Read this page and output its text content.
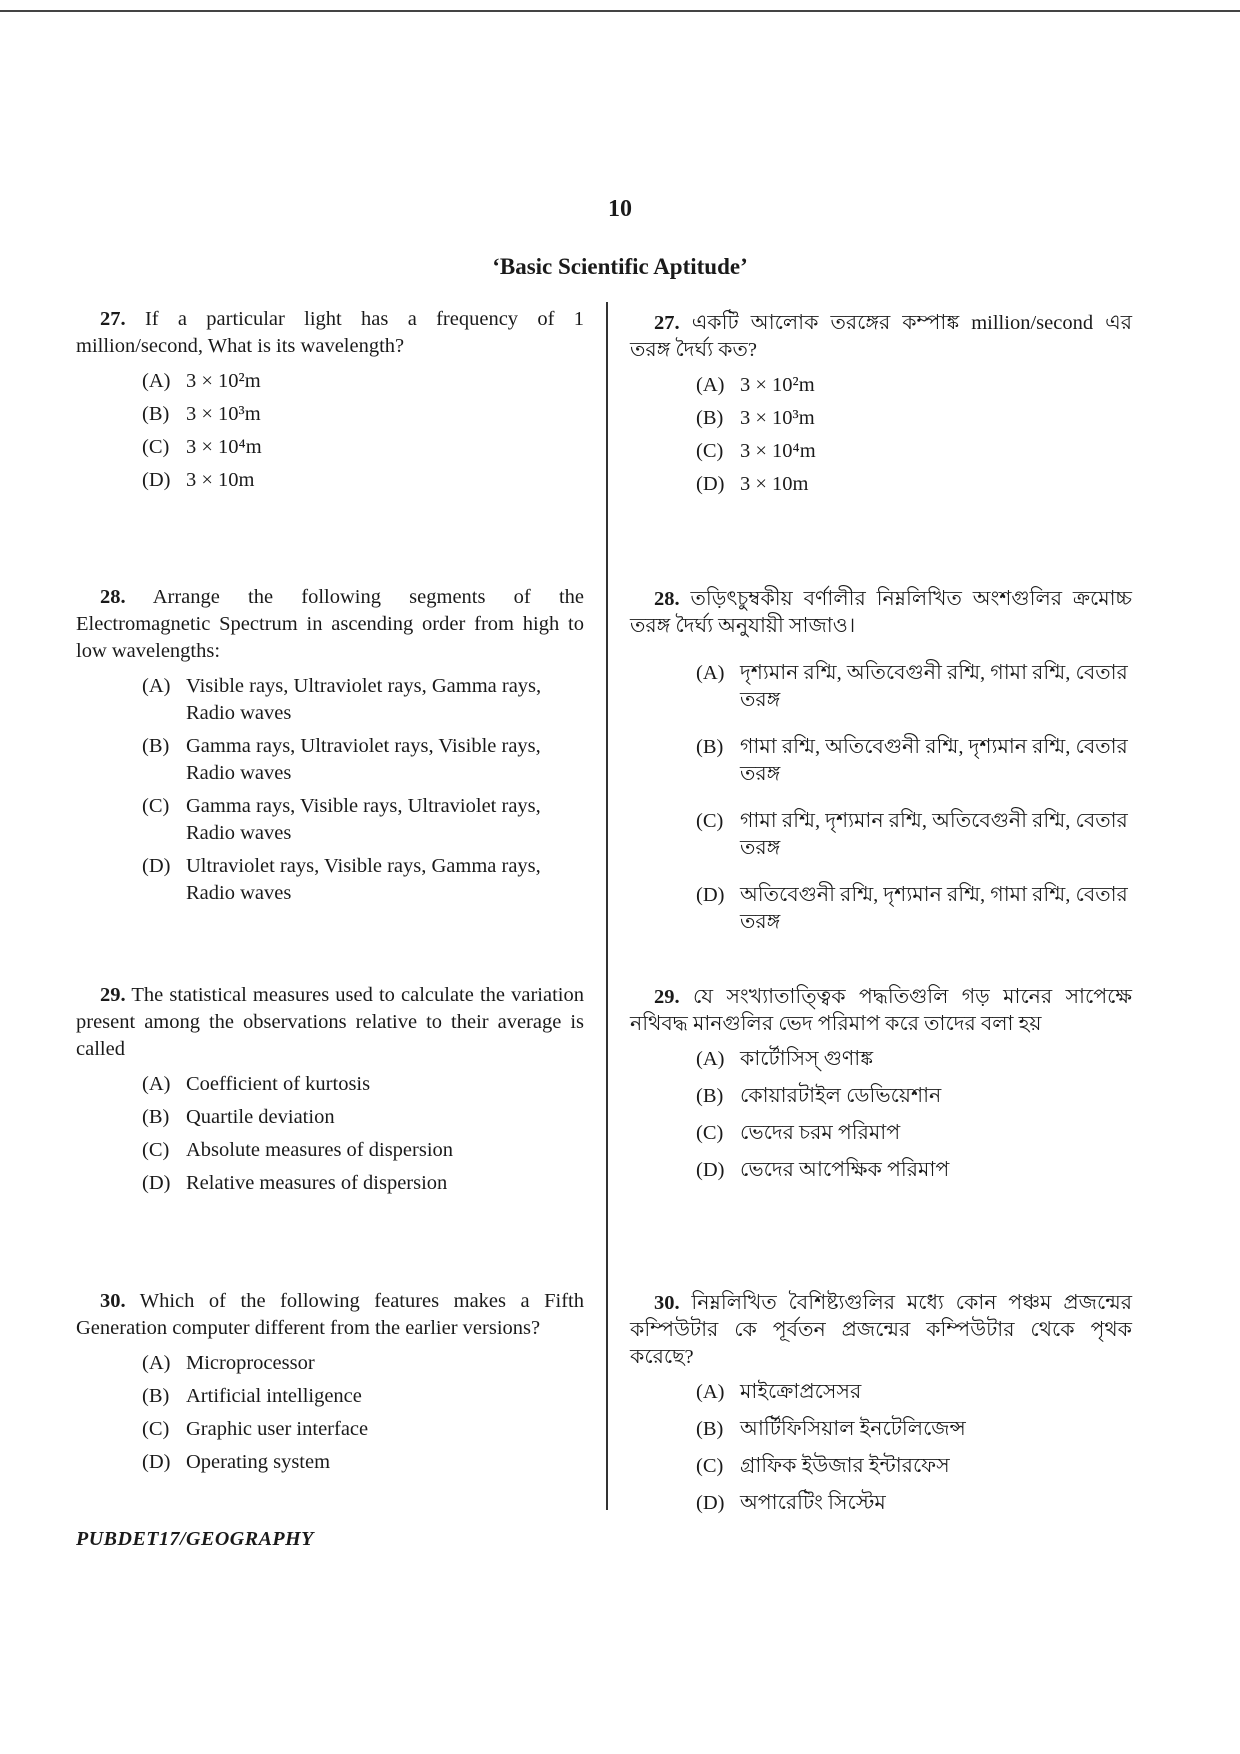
10
‘Basic Scientific Aptitude’

27. If a particular light has a frequency of 1 million/second, What is its wavelength?

(A) 3 × 10²m
(B) 3 × 10³m
(C) 3 × 10⁴m
(D) 3 × 10m

28. Arrange the following segments of the Electromagnetic Spectrum in ascending order from high to low wavelengths:

(A) Visible rays, Ultraviolet rays, Gamma rays, Radio waves
(B) Gamma rays, Ultraviolet rays, Visible rays, Radio waves
(C) Gamma rays, Visible rays, Ultraviolet rays, Radio waves
(D) Ultraviolet rays, Visible rays, Gamma rays, Radio waves

29. The statistical measures used to calculate the variation present among the observations relative to their average is called

(A) Coefficient of kurtosis
(B) Quartile deviation
(C) Absolute measures of dispersion
(D) Relative measures of dispersion

30. Which of the following features makes a Fifth Generation computer different from the earlier versions?

(A) Microprocessor
(B) Artificial intelligence
(C) Graphic user interface
(D) Operating system

27. একটি আলোক তরঙ্গের কম্পাঙ্ক million/second এর তরঙ্গ দৈর্ঘ্য কত?

(A) 3 × 10²m
(B) 3 × 10³m
(C) 3 × 10⁴m
(D) 3 × 10m

28. তড়িৎচুম্বকীয় বর্ণালীর নিম্নলিখিত অংশগুলির ক্রমোচ্চ তরঙ্গ দৈর্ঘ্য অনুযায়ী সাজাও।

(A) দৃশ্যমান রশ্মি, অতিবেগুনী রশ্মি, গামা রশ্মি, বেতার তরঙ্গ
(B) গামা রশ্মি, অতিবেগুনী রশ্মি, দৃশ্যমান রশ্মি, বেতার তরঙ্গ
(C) গামা রশ্মি, দৃশ্যমান রশ্মি, অতিবেগুনী রশ্মি, বেতার তরঙ্গ
(D) অতিবেগুনী রশ্মি, দৃশ্যমান রশ্মি, গামা রশ্মি, বেতার তরঙ্গ

29. যে সংখ্যাতাত্ত্বিক পদ্ধতিগুলি গড় মানের সাপেক্ষে নথিবদ্ধ মানগুলির ভেদ পরিমাপ করে তাদের বলা হয়

(A) কার্টোসিস্ গুণাঙ্ক
(B) কোয়ারটাইল ডেভিয়েশান
(C) ভেদের চরম পরিমাপ
(D) ভেদের আপেক্ষিক পরিমাপ

30. নিম্নলিখিত বৈশিষ্ট্যগুলির মধ্যে কোন পঞ্চম প্রজন্মের কম্পিউটার কে পূর্বতন প্রজন্মের কম্পিউটার থেকে পৃথক করেছে?

(A) মাইক্রোপ্রসেসর
(B) আর্টিফিসিয়াল ইনটেলিজেন্স
(C) গ্রাফিক ইউজার ইন্টারফেস
(D) অপারেটিং সিস্টেম
PUBDET17/GEOGRAPHY
